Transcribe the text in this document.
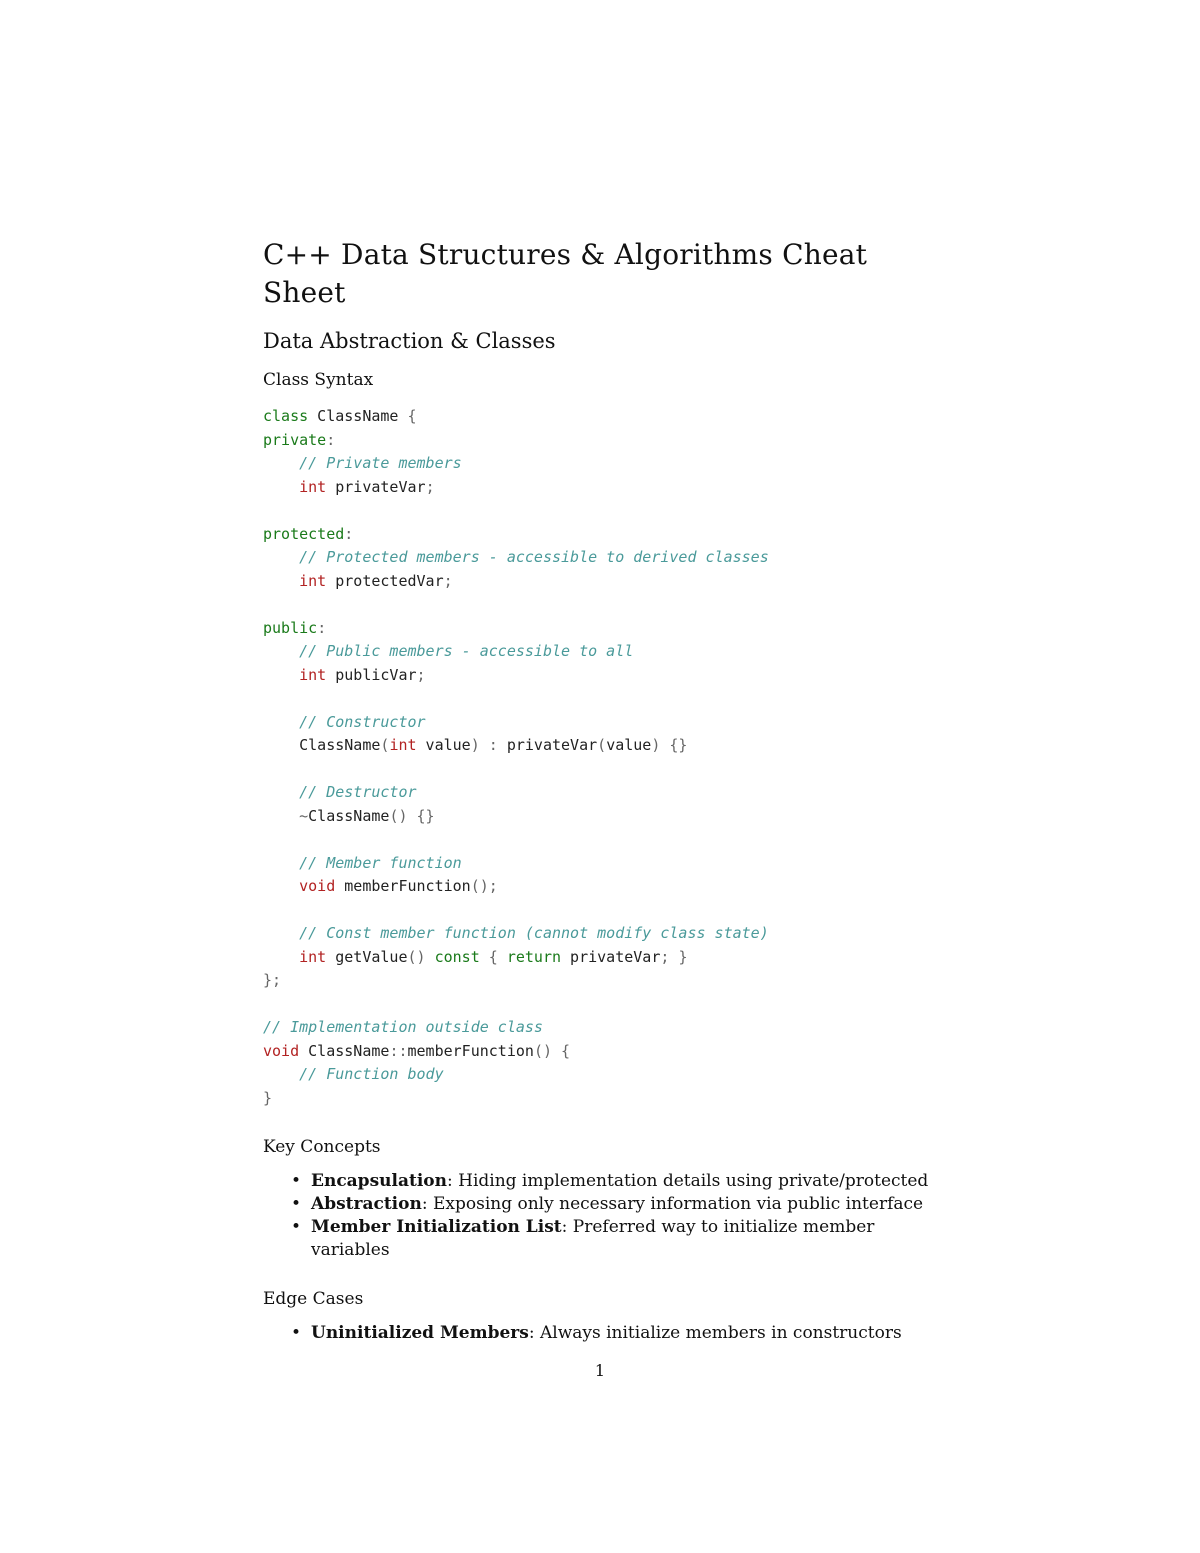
C++ Data Structures & Algorithms Cheat Sheet
Data Abstraction & Classes
Class Syntax
class ClassName {
private:
// Private members
int privateVar;
protected:
// Protected members - accessible to derived classes
int protectedVar;
public:
// Public members - accessible to all
int publicVar;
// Constructor
ClassName(int value) : privateVar(value) {}
// Destructor
~ClassName() {}
// Member function
void memberFunction();
// Const member function (cannot modify class state)
int getValue() const { return privateVar; }
};
// Implementation outside class
void ClassName::memberFunction() {
// Function body
}
Key Concepts
• Encapsulation: Hiding implementation details using private/protected
• Abstraction: Exposing only necessary information via public interface
• Member Initialization List: Preferred way to initialize member variables
Edge Cases
• Uninitialized Members: Always initialize members in constructors
1
